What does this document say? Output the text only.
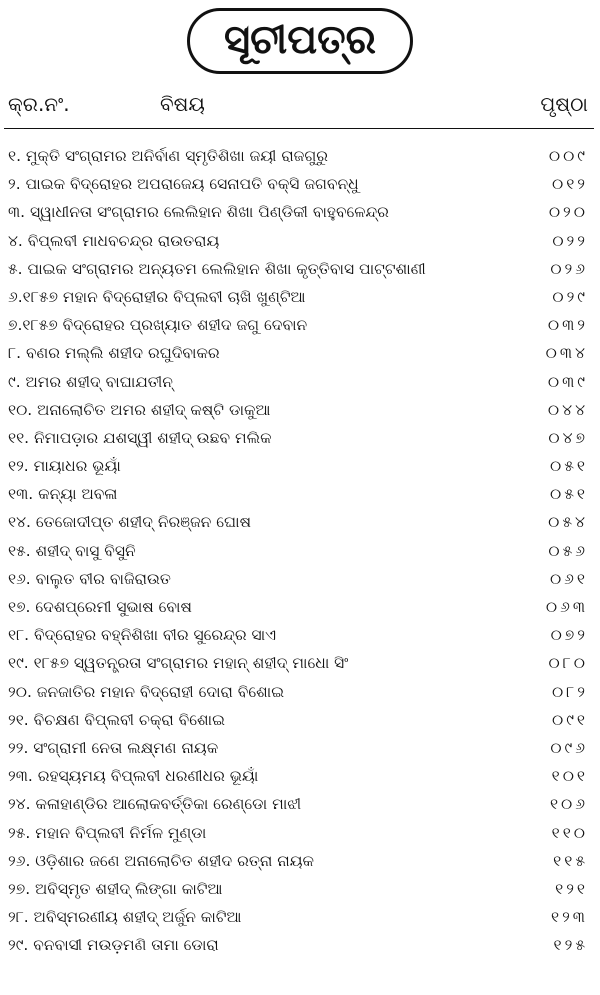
ସୂଚୀପତ୍ର
କ୍ର.ନଂ.	ବିଷୟ	ପୃଷ୍ଠା
୧. ମୁକ୍ତି ସଂଗ୍ରାମର ଅନିର୍ବାଣ ସ୍ମୃତିଶିଖା ଜୟୀ ରାଜଗୁରୁ	୦୦୯
୨. ପାଇକ ବିଦ୍ରୋହର ଅପରାଜେୟ ସେନାପତି ବକ୍ସି ଜଗବନ୍ଧୁ	୦୧୨
୩. ସ୍ୱାଧୀନତା ସଂଗ୍ରାମର ଲେଲିହାନ ଶିଖା ପିଣ୍ଡିକୀ ବାହୁବଳେନ୍ଦ୍ର	୦୨୦
୪. ବିପ୍ଲବୀ ମାଧବଚନ୍ଦ୍ର ରାଉତରାୟ	୦୨୨
୫. ପାଇକ ସଂଗ୍ରାମର ଅନ୍ୟତମ ଲେଲିହାନ ଶିଖା କୃତ୍ତିବାସ ପାଟ୍ଟଶାଣୀ	୦୨୬
୬.୧୮୫୭ ମହାନ ବିଦ୍ରୋହୀର ବିପ୍ଲବୀ ଚାଖି ଖୁଣ୍ଟିଆ	୦୨୯
୭.୧୮୫୭ ବିଦ୍ରୋହର ପ୍ରଖ୍ୟାତ ଶହୀଦ ଜଗୁ ଦେବାନ	୦୩୨
୮. ବଣର ମଲ୍ଲି ଶହୀଦ ରଘୁଦିବାକର	୦୩୪
୯. ଅମର ଶହୀଦ୍ ବାଘାଯତୀନ୍	୦୩୯
୧୦. ଅନାଲୋଚିତ ଅମର ଶହୀଦ୍ କଷ୍ଟି ଡାକୁଆ	୦୪୪
୧୧. ନିମାପଡ଼ାର ଯଶସ୍ୱୀ ଶହୀଦ୍ ଉଛବ ମଲିକ	୦୪୭
୧୨. ମାୟାଧର ଭୂୟାଁ	୦୫୧
୧୩. କନ୍ୟା ଅବଳା	୦୫୧
୧୪. ତେଜୋଦୀପ୍ତ ଶହୀଦ୍ ନିରଞ୍ଜନ ଘୋଷ	୦୫୪
୧୫. ଶହୀଦ୍ ବାସୁ ବିସୁନି	୦୫୬
୧୬. ବାଲୁତ ବୀର ବାଜିରାଉତ	୦୬୧
୧୭. ଦେଶପ୍ରେମୀ ସୁଭାଷ ବୋଷ	୦୬୩
୧୮. ବିଦ୍ରୋହର ବହ୍ନିଶିଖା ବୀର ସୁରେନ୍ଦ୍ର ସାଏ	୦୭୨
୧୯. ୧୮୫୭ ସ୍ୱତନ୍ତ୍ରତା ସଂଗ୍ରାମର ମହାନ୍ ଶହୀଦ୍ ମାଧୋ ସିଂ	୦୮୦
୨୦. ଜନଜାତିର ମହାନ ବିଦ୍ରୋହୀ ଦୋରା ବିଶୋଇ	୦୮୨
୨୧. ବିଚକ୍ଷଣ ବିପ୍ଲବୀ ଚକ୍ରା ବିଶୋଇ	୦୯୧
୨୨. ସଂଗ୍ରାମୀ ନେତା ଲକ୍ଷ୍ମଣ ନାୟକ	୦୯୬
୨୩. ରହସ୍ୟମୟ ବିପ୍ଲବୀ ଧରଣୀଧର ଭୂୟାଁ	୧୦୧
୨୪. କଳାହାଣ୍ଡିର ଆଲୋକବର୍ତ୍ତିକା ରେଣ୍ଡୋ ମାଝୀ	୧୦୬
୨୫. ମହାନ ବିପ୍ଲବୀ ନିର୍ମଳ ମୁଣ୍ଡା	୧୧୦
୨୬. ଓଡ଼ିଶାର ଜଣେ ଅନାଲୋଚିତ ଶହୀଦ ରତ୍ନା ନାୟକ	୧୧୫
୨୭. ଅବିସ୍ମୃତ ଶହୀଦ୍ ଲିଙ୍ଗା କାଟିଆ	୧୨୧
୨୮. ଅବିସ୍ମରଣୀୟ ଶହୀଦ୍ ଅର୍ଜୁନ କାଟିଆ	୧୨୩
୨୯. ବନବାସୀ ମଉଡ଼ମଣି ତାମା ଡୋରା	୧୨୫
